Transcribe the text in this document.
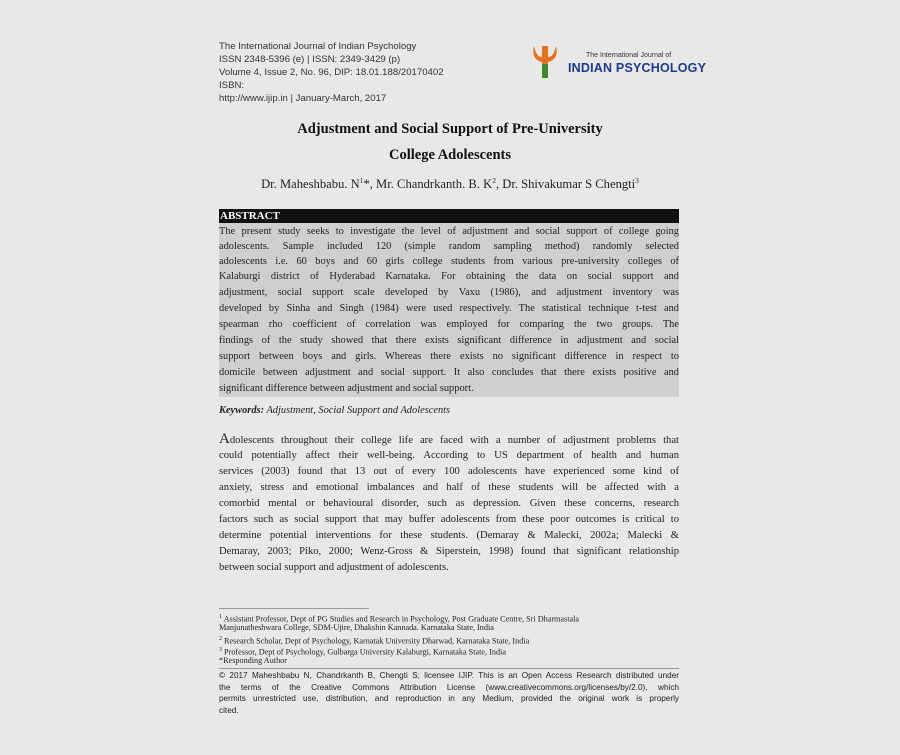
The International Journal of Indian Psychology
ISSN 2348-5396 (e) | ISSN: 2349-3429 (p)
Volume 4, Issue 2, No. 96, DIP: 18.01.188/20170402
ISBN:
http://www.ijip.in | January-March, 2017
The International Journal of
INDIAN PSYCHOLOGY
Adjustment and Social Support of Pre-University
College Adolescents
Dr. Maheshbabu. $N^1*$, Mr. Chandrkanth. B. $K^2$, Dr. Shivakumar S Chengti$^3$
ABSTRACT
The present study seeks to investigate the level of adjustment and social support of college going
adolescents. Sample included 120 (simple random sampling method) randomly selected
adolescents i.e. 60 boys and 60 girls college students from various pre-university colleges of
Kalaburgi district of Hyderabad Karnataka. For obtaining the data on social support and
adjustment, social support scale developed by Vaxu (1986), and adjustment inventory was
developed by Sinha and Singh (1984) were used respectively. The statistical technique t-test and
spearman rho coefficient of correlation was employed for comparing the two groups. The
findings of the study showed that there exists significant difference in adjustment and social
support between boys and girls. Whereas there exists no significant difference in respect to
domicile between adjustment and social support. It also concludes that there exists positive and
significant difference between adjustment and social support.
Keywords: Adjustment, Social Support and Adolescents
Adolescents throughout their college life are faced with a number of adjustment problems that
could potentially affect their well-being. According to US department of health and human
services (2003) found that 13 out of every 100 adolescents have experienced some kind of
anxiety, stress and emotional imbalances and half of these students will be affected with a
comorbid mental or behavioural disorder, such as depression. Given these concerns, research
factors such as social support that may buffer adolescents from these poor outcomes is critical to
determine potential interventions for these students. (Demaray & Malecki, 2002a; Malecki &
Demaray, 2003; Piko, 2000; Wenz-Gross & Siperstein, 1998) found that significant relationship
between social support and adjustment of adolescents.
$^1$ Assistant Professor, Dept of PG Studies and Research in Psychology, Post Graduate Centre, Sri Dharmastala
Manjunatheshwara College, SDM-Ujire, Dhakshin Kannada. Karnataka State, India
$^2$ Research Scholar, Dept of Psychology, Karnatak University Dharwad, Karnataka State, India
$^3$ Professor, Dept of Psychology, Gulbarga University Kalaburgi, Karnataka State, India
*Responding Author
© 2017 Maheshbabu N, Chandrkanth B, Chengti S; licensee IJIP. This is an Open Access Research distributed under
the terms of the Creative Commons Attribution License (www.creativecommons.org/licenses/by/2.0), which
permits unrestricted use, distribution, and reproduction in any Medium, provided the original work is properly
cited.
